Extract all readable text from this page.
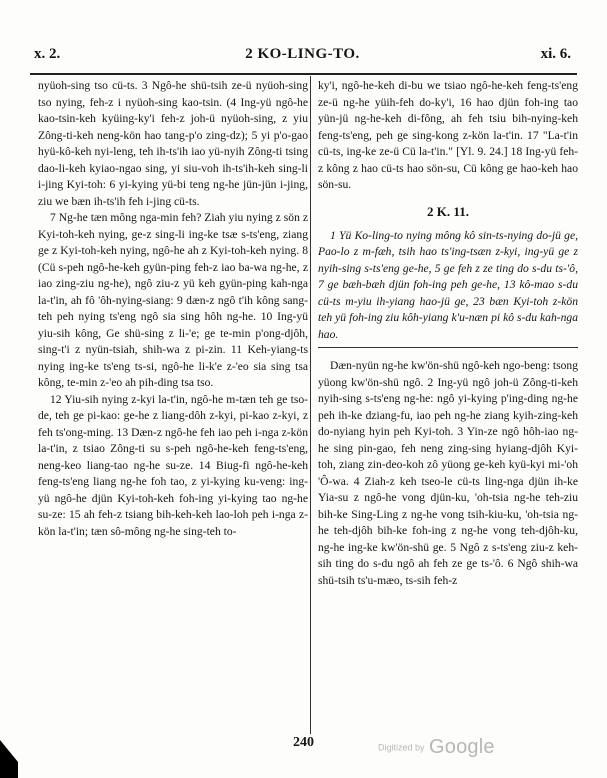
x. 2.	2 KO-LING-TO.	xi. 6.

nyüoh-sing tso cü-ts. 3 Ngô-he shü-tsih ze-ü nyüoh-sing tso nying, feh-z i nyüoh-sing kao-tsin. (4 Ing-yü ngô-he kao-tsin-keh kyüing-ky'i feh-z joh-ü nyüoh-sing, z yiu Zông-ti-keh neng-kön hao tang-p'o zing-dz); 5 yi p'o-gao hyü-kô-keh nyi-leng, teh ih-ts'ih iao yü-nyih Zông-ti tsing dao-li-keh kyiao-ngao sing, yi siu-voh ih-ts'ih-keh sing-li i-jing Kyi-toh: 6 yi-kying yü-bi teng ng-he jün-jün i-jing, ziu we bæn ih-ts'ih feh i-jing cü-ts.

7 Ng-he tæn mông nga-min feh? Ziah yiu nying z sön z Kyi-toh-keh nying, ge-z sing-li ing-ke tsæ s-ts'eng, ziang ge z Kyi-toh-keh nying, ngô-he ah z Kyi-toh-keh nying. 8 (Cü s-peh ngô-he-keh gyün-ping feh-z iao ba-wa ng-he, z iao zing-ziu ng-he), ngô ziu-z yü keh gyün-ping kah-nga la-t'in, ah fô 'ôh-nying-siang: 9 dæn-z ngô t'ih kông sang-teh peh nying ts'eng ngô sia sing hôh ng-he. 10 Ing-yü yiu-sih kông, Ge shü-sing z li-'e; ge te-min p'ong-djôh, sing-t'i z nyün-tsiah, shih-wa z pi-zin. 11 Keh-yiang-ts nying ing-ke ts'eng ts-si, ngô-he li-k'e z-'eo sia sing tsa kông, te-min z-'eo ah pih-ding tsa tso.

12 Yiu-sih nying z-kyi la-t'in, ngô-he m-tæn teh ge tso-de, teh ge pi-kao: ge-he z liang-dôh z-kyi, pi-kao z-kyi, z feh ts'ong-ming. 13 Dæn-z ngô-he feh iao peh i-nga z-kön la-t'in, z tsiao Zông-ti su s-peh ngô-he-keh feng-ts'eng, neng-keo liang-tao ng-he su-ze. 14 Biug-fi ngô-he-keh feng-ts'eng liang ng-he foh tao, z yi-kying ku-veng: ing-yü ngô-he djün Kyi-toh-keh foh-ing yi-kying tao ng-he su-ze: 15 ah feh-z tsiang bih-keh-keh lao-loh peh i-nga z-kön la-t'in; tæn sô-mông ng-he sing-teh to-

ky'i, ngô-he-keh di-bu we tsiao ngô-he-keh feng-ts'eng ze-ü ng-he yüih-feh do-ky'i, 16 hao djün foh-ing tao yün-jü ng-he-keh di-fông, ah feh tsiu bih-nying-keh feng-ts'eng, peh ge sing-kong z-kön la-t'in. 17 "La-t'in cü-ts, ing-ke ze-ü Cü la-t'in." [Yl. 9. 24.] 18 Ing-yü feh-z kông z hao cü-ts hao sön-su, Cü kông ge hao-keh hao sön-su.

2 K. 11.

1 Yü Ko-ling-to nying mông kô sin-ts-nying do-jü ge, Pao-lo z m-fæh, tsih hao ts'ing-tsæn z-kyi, ing-yü ge z nyih-sing s-ts'eng ge-he, 5 ge feh z ze ting do s-du ts-'ô, 7 ge bæh-bæh djün foh-ing peh ge-he, 13 kô-mao s-du cü-ts m-yiu ih-yiang hao-jü ge, 23 bæn Kyi-toh z-kön teh yü foh-ing ziu kôh-yiang k'u-næn pi kô s-du kah-nga hao.

Dæn-nyün ng-he kw'ön-shü ngô-keh ngo-beng: tsong yüong kw'ön-shü ngô. 2 Ing-yü ngô joh-ü Zông-ti-keh nyih-sing s-ts'eng ng-he: ngô yi-kying p'ing-ding ng-he peh ih-ke dziang-fu, iao peh ng-he ziang kyih-zing-keh do-nyiang hyin peh Kyi-toh. 3 Yin-ze ngô hôh-iao ng-he sing pin-gao, feh neng zing-sing hyiang-djôh Kyi-toh, ziang zin-deo-koh zô yüong ge-keh kyü-kyi mi-'oh 'Ô-wa. 4 Ziah-z keh tseo-le cü-ts ling-nga djün ih-ke Yia-su z ngô-he vong djün-ku, 'oh-tsia ng-he teh-ziu bih-ke Sing-Ling z ng-he vong tsih-kiu-ku, 'oh-tsia ng-he teh-djôh bih-ke foh-ing z ng-he vong teh-djôh-ku, ng-he ing-ke kw'ön-shü ge. 5 Ngô z s-ts'eng ziu-z keh-sih ting do s-du ngô ah feh ze ge ts-'ô. 6 Ngô shih-wa shü-tsih ts'u-mæo, ts-sih feh-z

240	Digitized by Google
